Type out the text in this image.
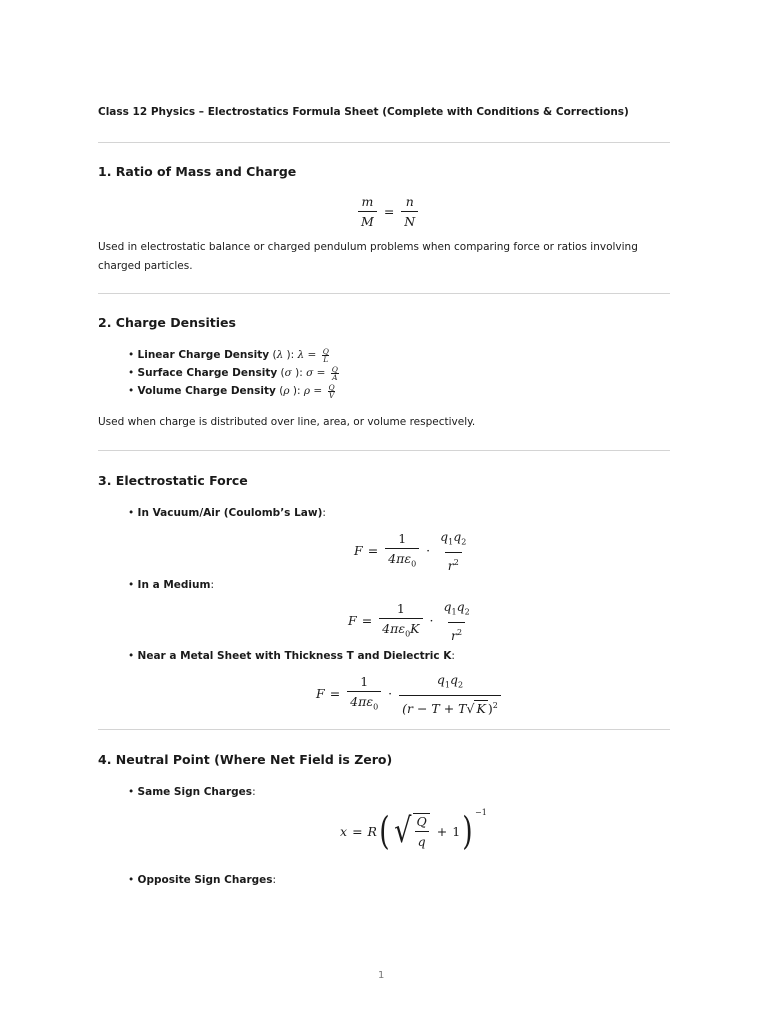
Class 12 Physics – Electrostatics Formula Sheet (Complete with Conditions & Corrections)
1. Ratio of Mass and Charge
$\frac{m}{M} = \frac{n}{N}$
Used in electrostatic balance or charged pendulum problems when comparing force or ratios involving charged particles.
2. Charge Densities
• Linear Charge Density (λ ): $\lambda = \frac{Q}{L}$
• Surface Charge Density (σ ): $\sigma = \frac{Q}{A}$
• Volume Charge Density (ρ ): $\rho = \frac{Q}{V}$
Used when charge is distributed over line, area, or volume respectively.
3. Electrostatic Force
• In Vacuum/Air (Coulomb’s Law):
$F = \frac{1}{4\pi\varepsilon_0} \cdot \frac{q_1q_2}{r^2}$
• In a Medium:
$F = \frac{1}{4\pi\varepsilon_0K} \cdot \frac{q_1q_2}{r^2}$
• Near a Metal Sheet with Thickness T and Dielectric K:
$F = \frac{1}{4\pi\varepsilon_0} \cdot \frac{q_1q_2}{(r - T + T√ K )^2}$
4. Neutral Point (Where Net Field is Zero)
• Same Sign Charges:
x = R ( √ $\frac{Q}{q} + 1$ ) $^{-1}$
• Opposite Sign Charges:
1
